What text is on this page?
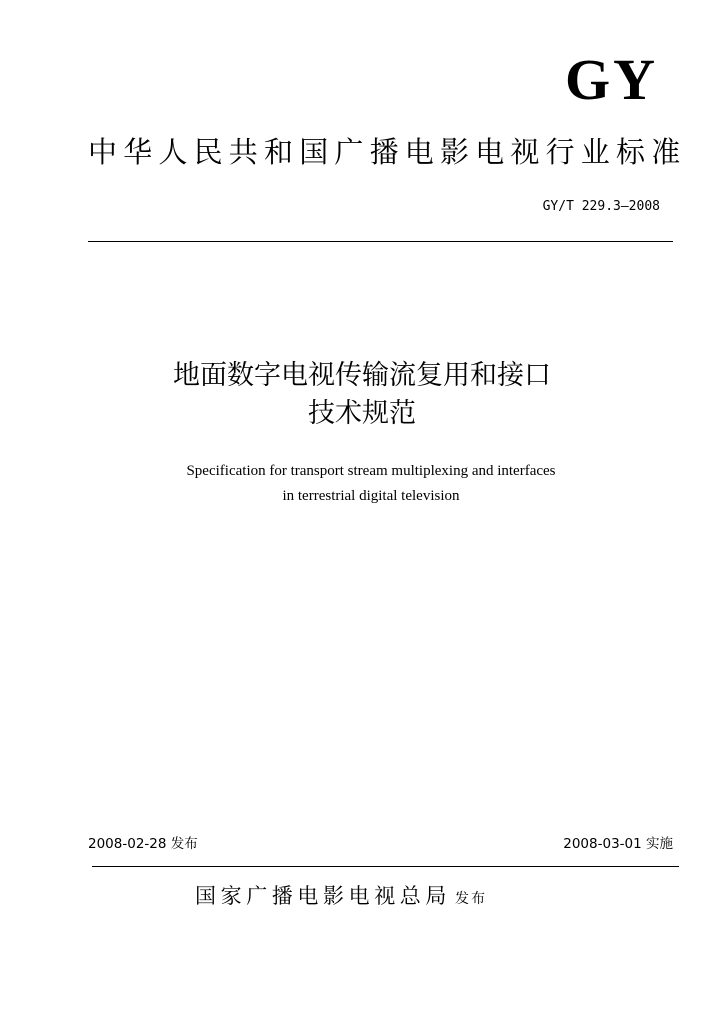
GY
中华人民共和国广播电影电视行业标准
GY/T 229.3—2008
地面数字电视传输流复用和接口
技术规范
Specification for transport stream multiplexing and interfaces
in terrestrial digital television
2008-02-28 发布	2008-03-01 实施
国家广播电影电视总局 发布
